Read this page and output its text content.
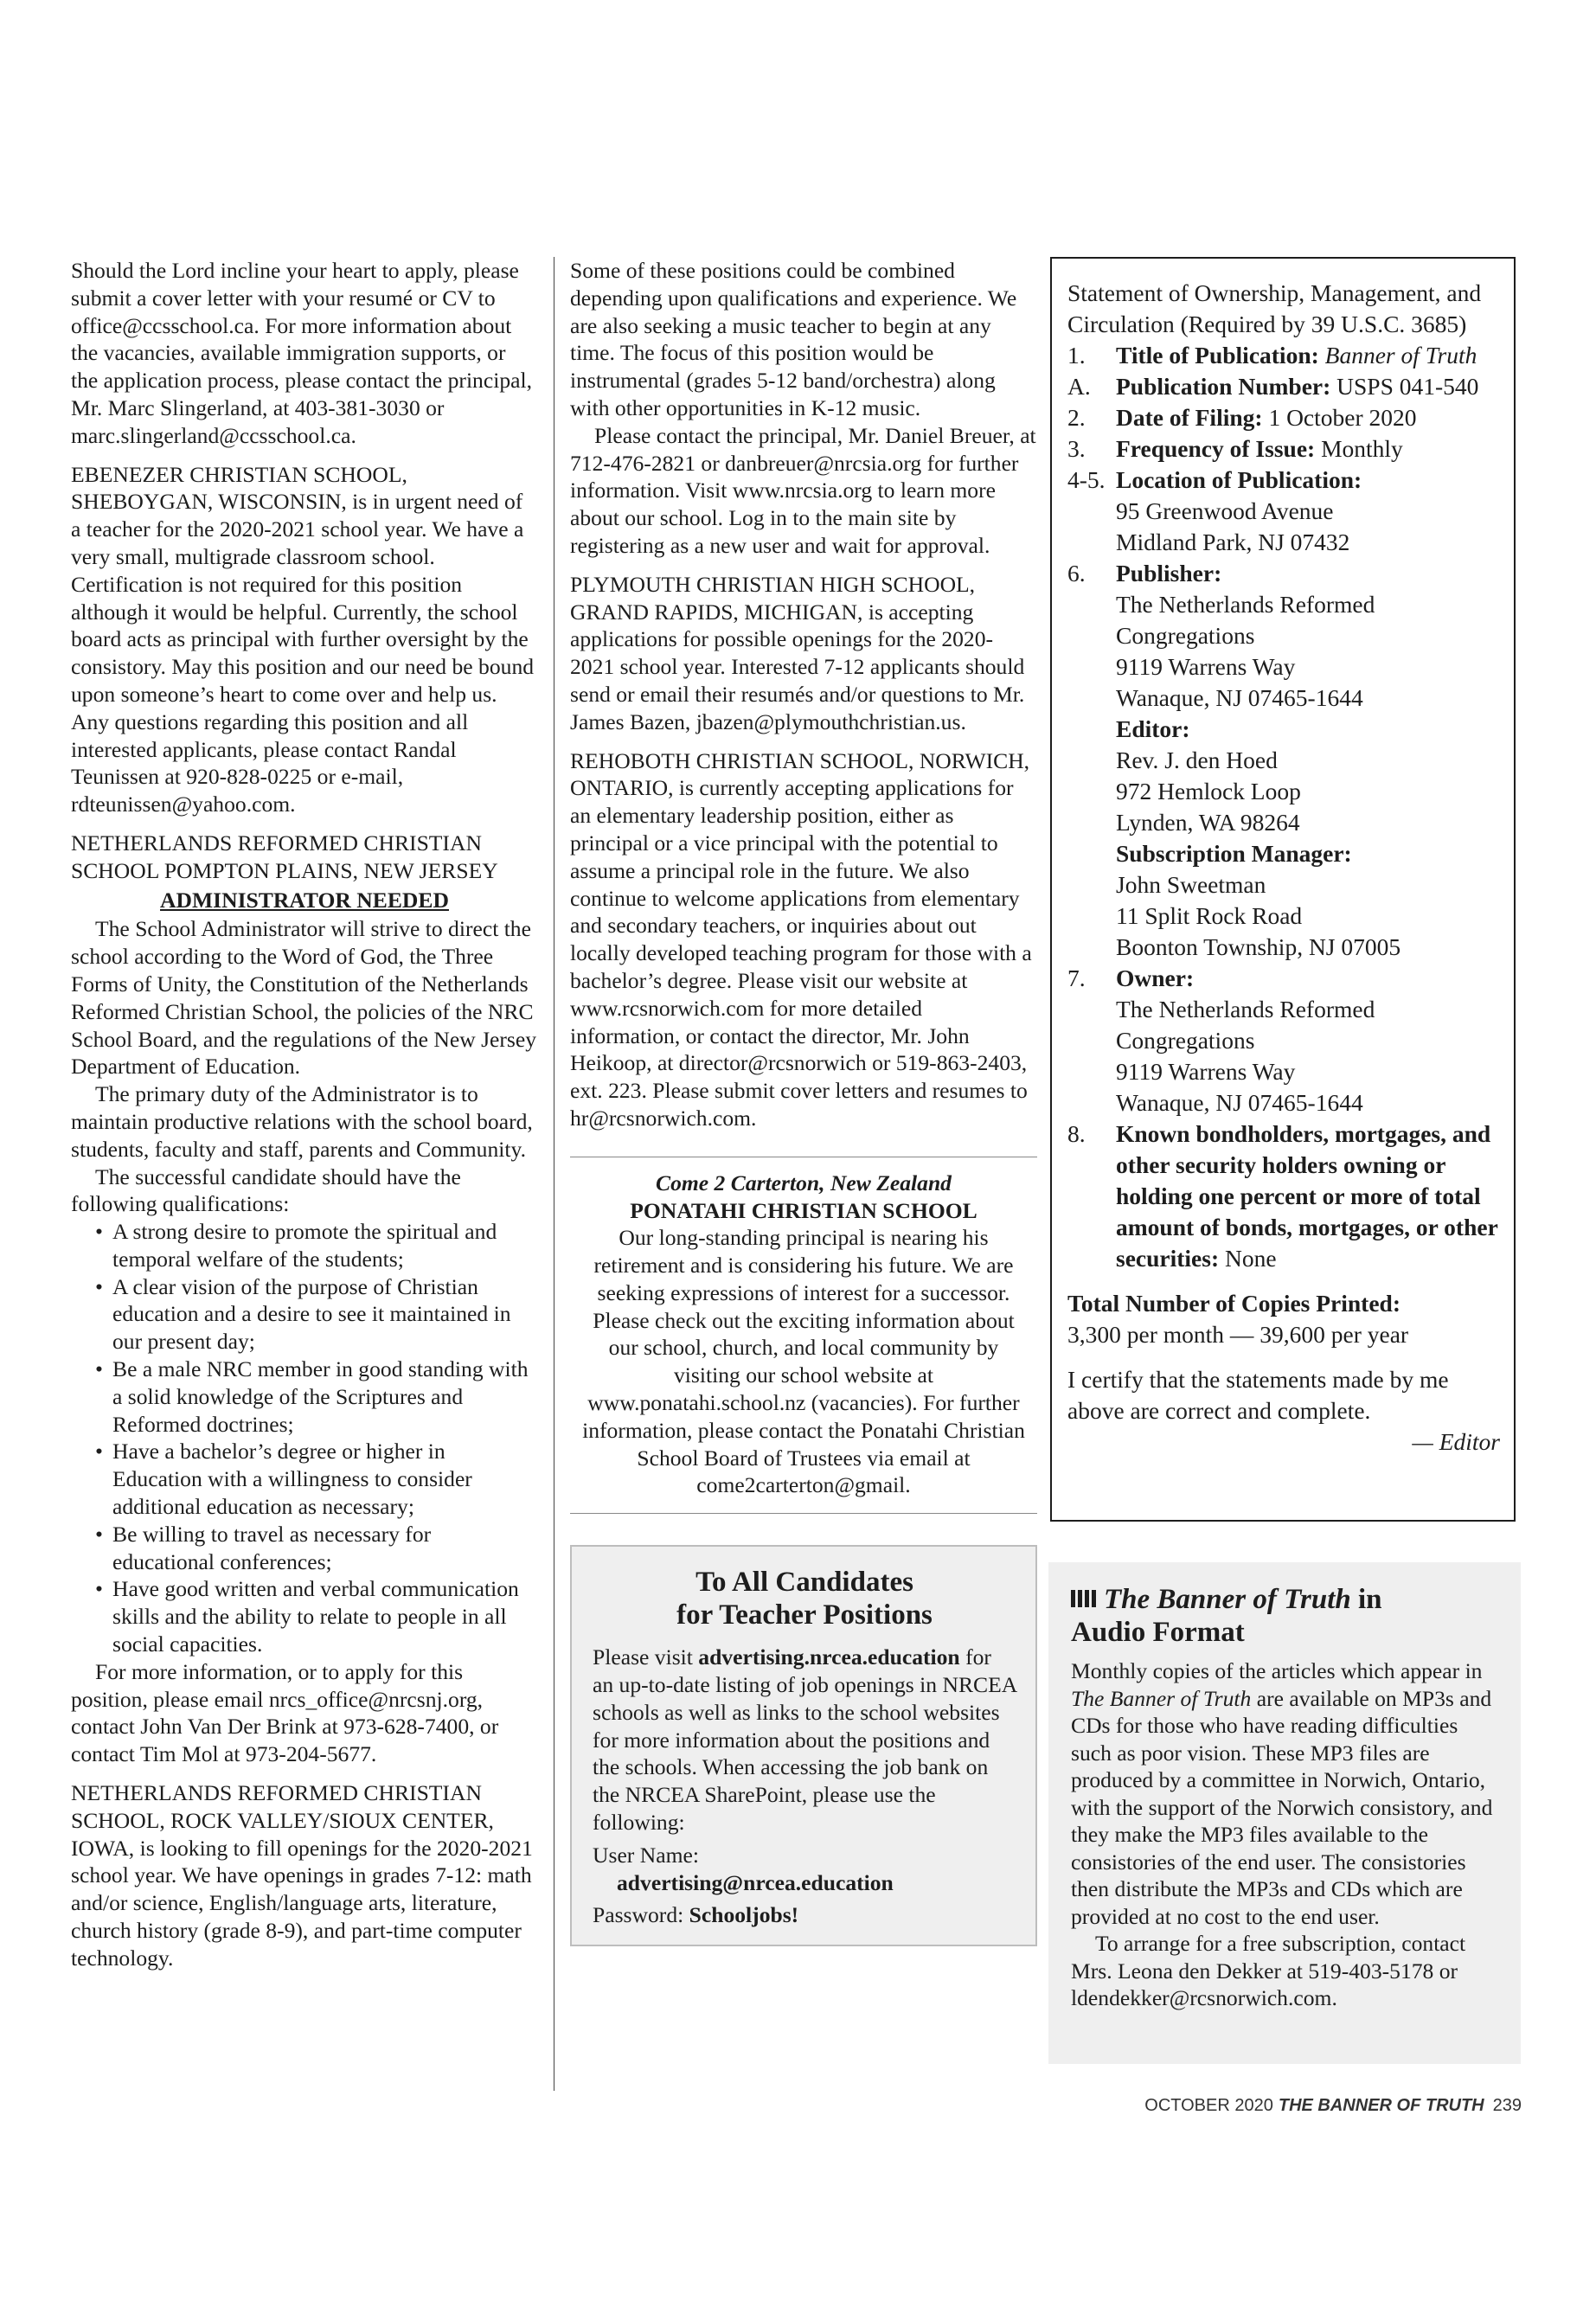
Should the Lord incline your heart to apply, please submit a cover letter with your resumé or CV to office@ccsschool.ca. For more information about the vacancies, available immigration supports, or the application process, please contact the principal, Mr. Marc Slingerland, at 403-381-3030 or marc.slingerland@ccsschool.ca.

EBENEZER CHRISTIAN SCHOOL, SHEBOYGAN, WISCONSIN, is in urgent need of a teacher for the 2020-2021 school year. We have a very small, multigrade classroom school. Certification is not required for this position although it would be helpful. Currently, the school board acts as principal with further oversight by the consistory. May this position and our need be bound upon someone’s heart to come over and help us. Any questions regarding this position and all interested applicants, please contact Randal Teunissen at 920-828-0225 or e-mail, rdteunissen@yahoo.com.

NETHERLANDS REFORMED CHRISTIAN SCHOOL POMPTON PLAINS, NEW JERSEY

ADMINISTRATOR NEEDED

The School Administrator will strive to direct the school according to the Word of God, the Three Forms of Unity, the Constitution of the Netherlands Reformed Christian School, the policies of the NRC School Board, and the regulations of the New Jersey Department of Education.

The primary duty of the Administrator is to maintain productive relations with the school board, students, faculty and staff, parents and Community.

The successful candidate should have the following qualifications:

• A strong desire to promote the spiritual and temporal welfare of the students;
• A clear vision of the purpose of Christian education and a desire to see it maintained in our present day;
• Be a male NRC member in good standing with a solid knowledge of the Scriptures and Reformed doctrines;
• Have a bachelor’s degree or higher in Education with a willingness to consider additional education as necessary;
• Be willing to travel as necessary for educational conferences;
• Have good written and verbal communication skills and the ability to relate to people in all social capacities.

For more information, or to apply for this position, please email nrcs_office@nrcsnj.org, contact John Van Der Brink at 973-628-7400, or contact Tim Mol at 973-204-5677.

NETHERLANDS REFORMED CHRISTIAN SCHOOL, ROCK VALLEY/SIOUX CENTER, IOWA, is looking to fill openings for the 2020-2021 school year. We have openings in grades 7-12: math and/or science, English/language arts, literature, church history (grade 8-9), and part-time computer technology.

Some of these positions could be combined depending upon qualifications and experience. We are also seeking a music teacher to begin at any time. The focus of this position would be instrumental (grades 5-12 band/orchestra) along with other opportunities in K-12 music.

Please contact the principal, Mr. Daniel Breuer, at 712-476-2821 or danbreuer@nrcsia.org for further information. Visit www.nrcsia.org to learn more about our school. Log in to the main site by registering as a new user and wait for approval.

PLYMOUTH CHRISTIAN HIGH SCHOOL, GRAND RAPIDS, MICHIGAN, is accepting applications for possible openings for the 2020-2021 school year. Interested 7-12 applicants should send or email their resumés and/or questions to Mr. James Bazen, jbazen@plymouthchristian.us.

REHOBOTH CHRISTIAN SCHOOL, NORWICH, ONTARIO, is currently accepting applications for an elementary leadership position, either as principal or a vice principal with the potential to assume a principal role in the future. We also continue to welcome applications from elementary and secondary teachers, or inquiries about out locally developed teaching program for those with a bachelor’s degree. Please visit our website at www.rcsnorwich.com for more detailed information, or contact the director, Mr. John Heikoop, at director@rcsnorwich or 519-863-2403, ext. 223. Please submit cover letters and resumes to hr@rcsnorwich.com.

Come 2 Carterton, New Zealand

PONATAHI CHRISTIAN SCHOOL

Our long-standing principal is nearing his retirement and is considering his future. We are seeking expressions of interest for a successor. Please check out the exciting information about our school, church, and local community by visiting our school website at www.ponatahi.school.nz (vacancies). For further information, please contact the Ponatahi Christian School Board of Trustees via email at come2carterton@gmail.

To All Candidates
for Teacher Positions

Please visit advertising.nrcea.education for an up-to-date listing of job openings in NRCEA schools as well as links to the school websites for more information about the positions and the schools. When accessing the job bank on the NRCEA SharePoint, please use the following:

User Name:

advertising@nrcea.education

Password: Schooljobs!

Statement of Ownership, Management, and Circulation (Required by 39 U.S.C. 3685)

1.	Title of Publication: Banner of Truth
A.	Publication Number: USPS 041-540
2.	Date of Filing: 1 October 2020
3.	Frequency of Issue: Monthly
4-5. Location of Publication:
95 Greenwood Avenue
Midland Park, NJ 07432
6.	Publisher:
The Netherlands Reformed Congregations
9119 Warrens Way
Wanaque, NJ 07465-1644
Editor:
Rev. J. den Hoed
972 Hemlock Loop
Lynden, WA 98264
Subscription Manager:
John Sweetman
11 Split Rock Road
Boonton Township, NJ 07005
7.	Owner:
The Netherlands Reformed Congregations
9119 Warrens Way
Wanaque, NJ 07465-1644
8.	Known bondholders, mortgages, and other security holders owning or holding one percent or more of total amount of bonds, mortgages, or other securities: None
Total Number of Copies Printed:
3,300 per month — 39,600 per year

I certify that the statements made by me above are correct and complete.

— Editor

The Banner of Truth in
Audio Format

Monthly copies of the articles which appear in The Banner of Truth are available on MP3s and CDs for those who have reading difficulties such as poor vision. These MP3 files are produced by a committee in Norwich, Ontario, with the support of the Norwich consistory, and they make the MP3 files available to the consistories of the end user. The consistories then distribute the MP3s and CDs which are provided at no cost to the end user.

To arrange for a free subscription, contact Mrs. Leona den Dekker at 519-403-5178 or ldendekker@rcsnorwich.com.

OCTOBER 2020 THE BANNER OF TRUTH 239
